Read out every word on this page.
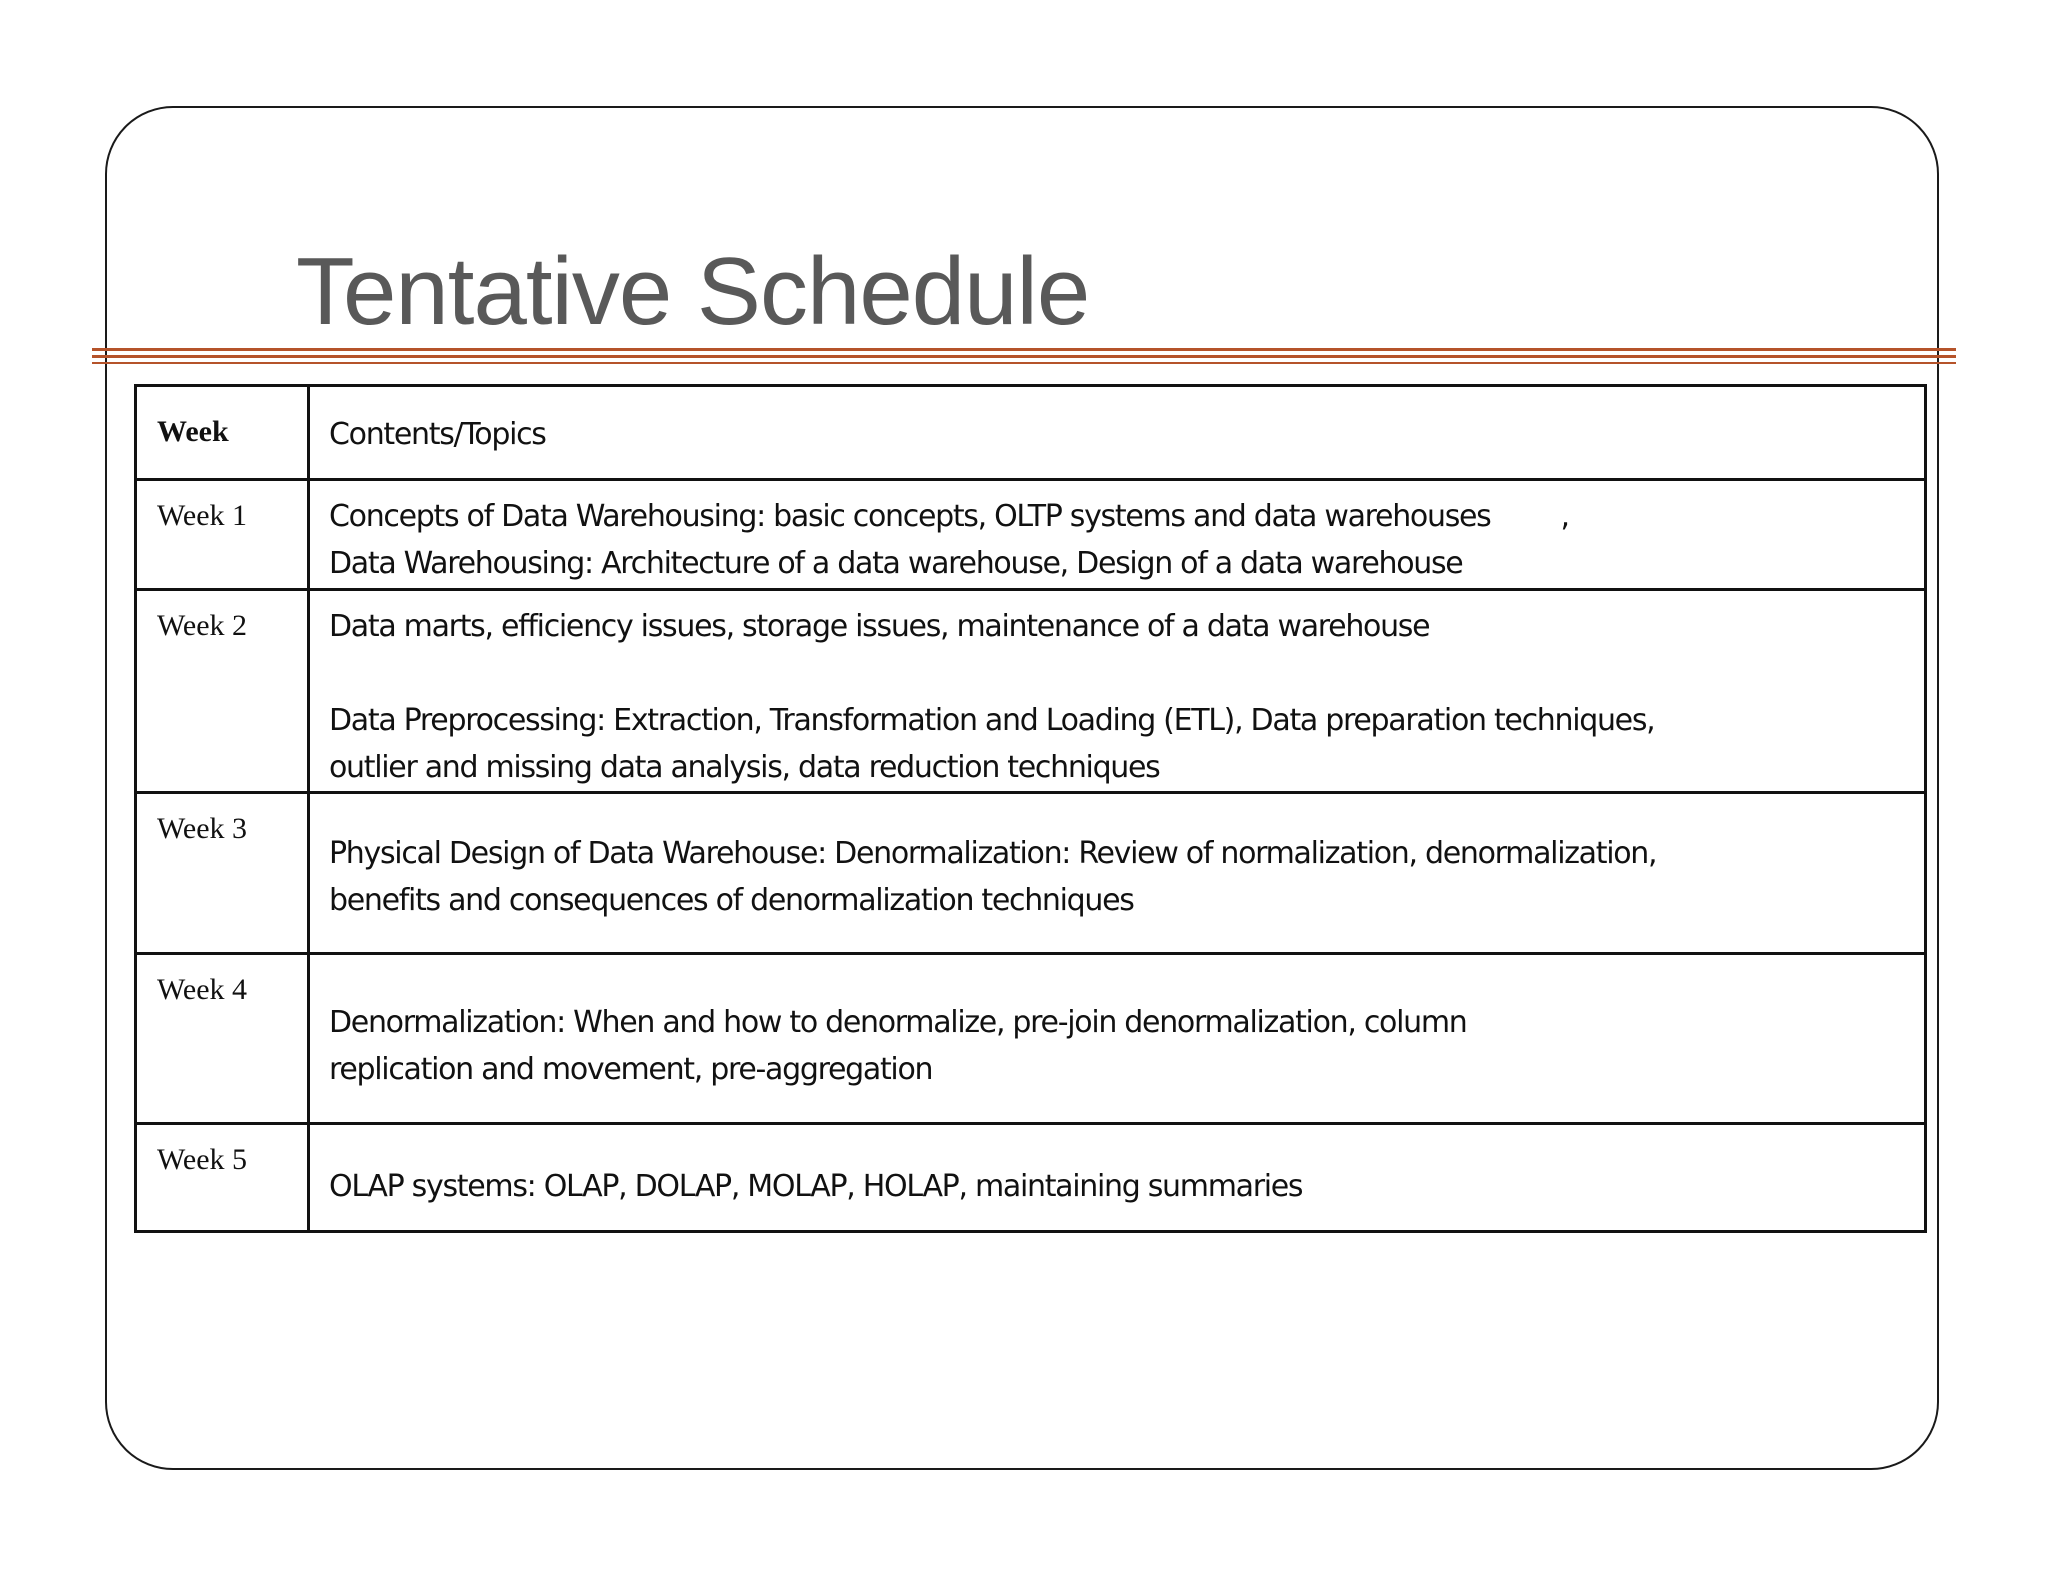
Tentative Schedule
Week	Contents/Topics
Week 1	Concepts of Data Warehousing: basic concepts, OLTP systems and data warehouses ,
Data Warehousing: Architecture of a data warehouse, Design of a data warehouse

Week 2	Data marts, efficiency issues, storage issues, maintenance of a data warehouse
Data Preprocessing: Extraction, Transformation and Loading (ETL), Data preparation techniques,
outlier and missing data analysis, data reduction techniques

Week 3	Physical Design of Data Warehouse: Denormalization: Review of normalization, denormalization,
benefits and consequences of denormalization techniques

Week 4	Denormalization: When and how to denormalize, pre-join denormalization, column
replication and movement, pre-aggregation

Week 5	OLAP systems: OLAP, DOLAP, MOLAP, HOLAP, maintaining summaries
